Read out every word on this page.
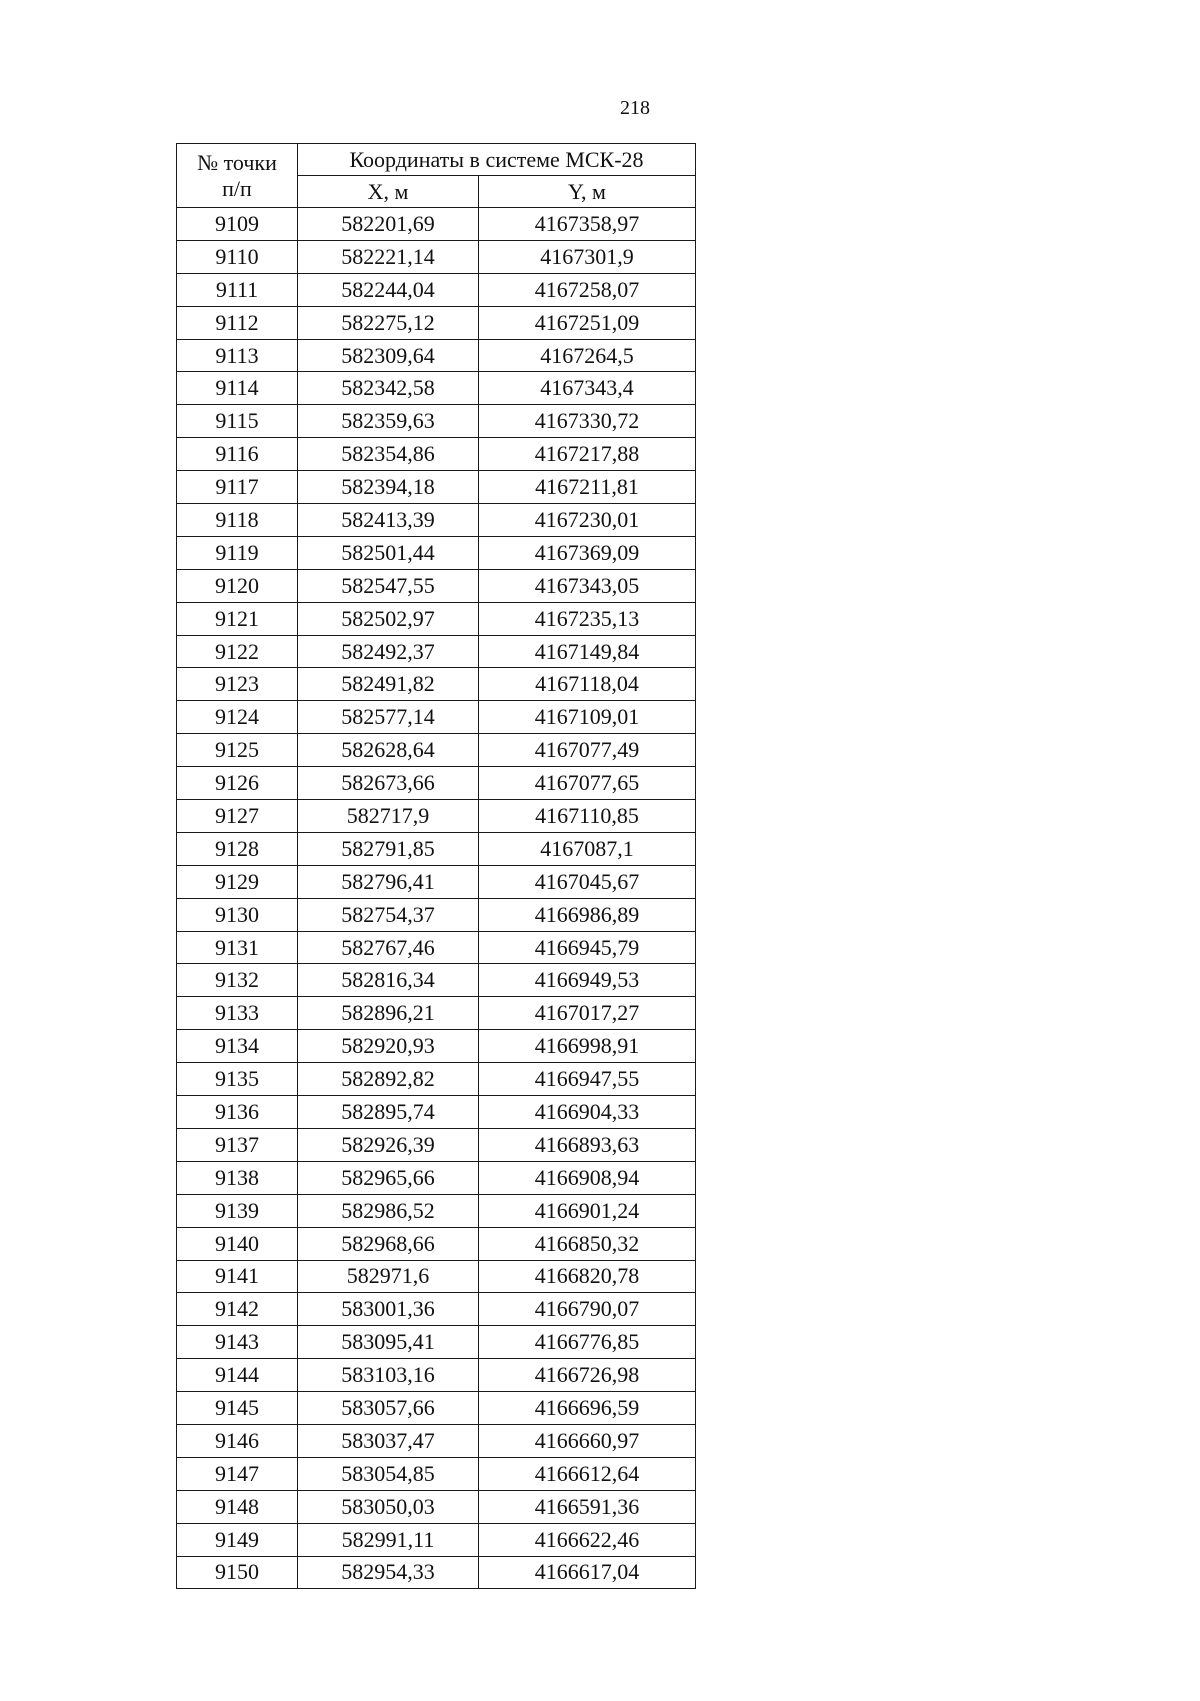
218
№ точки
п/п	Координаты в системе МСК-28	
	X, м	Y, м
9109	582201,69	4167358,97
9110	582221,14	4167301,9
9111	582244,04	4167258,07
9112	582275,12	4167251,09
9113	582309,64	4167264,5
9114	582342,58	4167343,4
9115	582359,63	4167330,72
9116	582354,86	4167217,88
9117	582394,18	4167211,81
9118	582413,39	4167230,01
9119	582501,44	4167369,09
9120	582547,55	4167343,05
9121	582502,97	4167235,13
9122	582492,37	4167149,84
9123	582491,82	4167118,04
9124	582577,14	4167109,01
9125	582628,64	4167077,49
9126	582673,66	4167077,65
9127	582717,9	4167110,85
9128	582791,85	4167087,1
9129	582796,41	4167045,67
9130	582754,37	4166986,89
9131	582767,46	4166945,79
9132	582816,34	4166949,53
9133	582896,21	4167017,27
9134	582920,93	4166998,91
9135	582892,82	4166947,55
9136	582895,74	4166904,33
9137	582926,39	4166893,63
9138	582965,66	4166908,94
9139	582986,52	4166901,24
9140	582968,66	4166850,32
9141	582971,6	4166820,78
9142	583001,36	4166790,07
9143	583095,41	4166776,85
9144	583103,16	4166726,98
9145	583057,66	4166696,59
9146	583037,47	4166660,97
9147	583054,85	4166612,64
9148	583050,03	4166591,36
9149	582991,11	4166622,46
9150	582954,33	4166617,04
